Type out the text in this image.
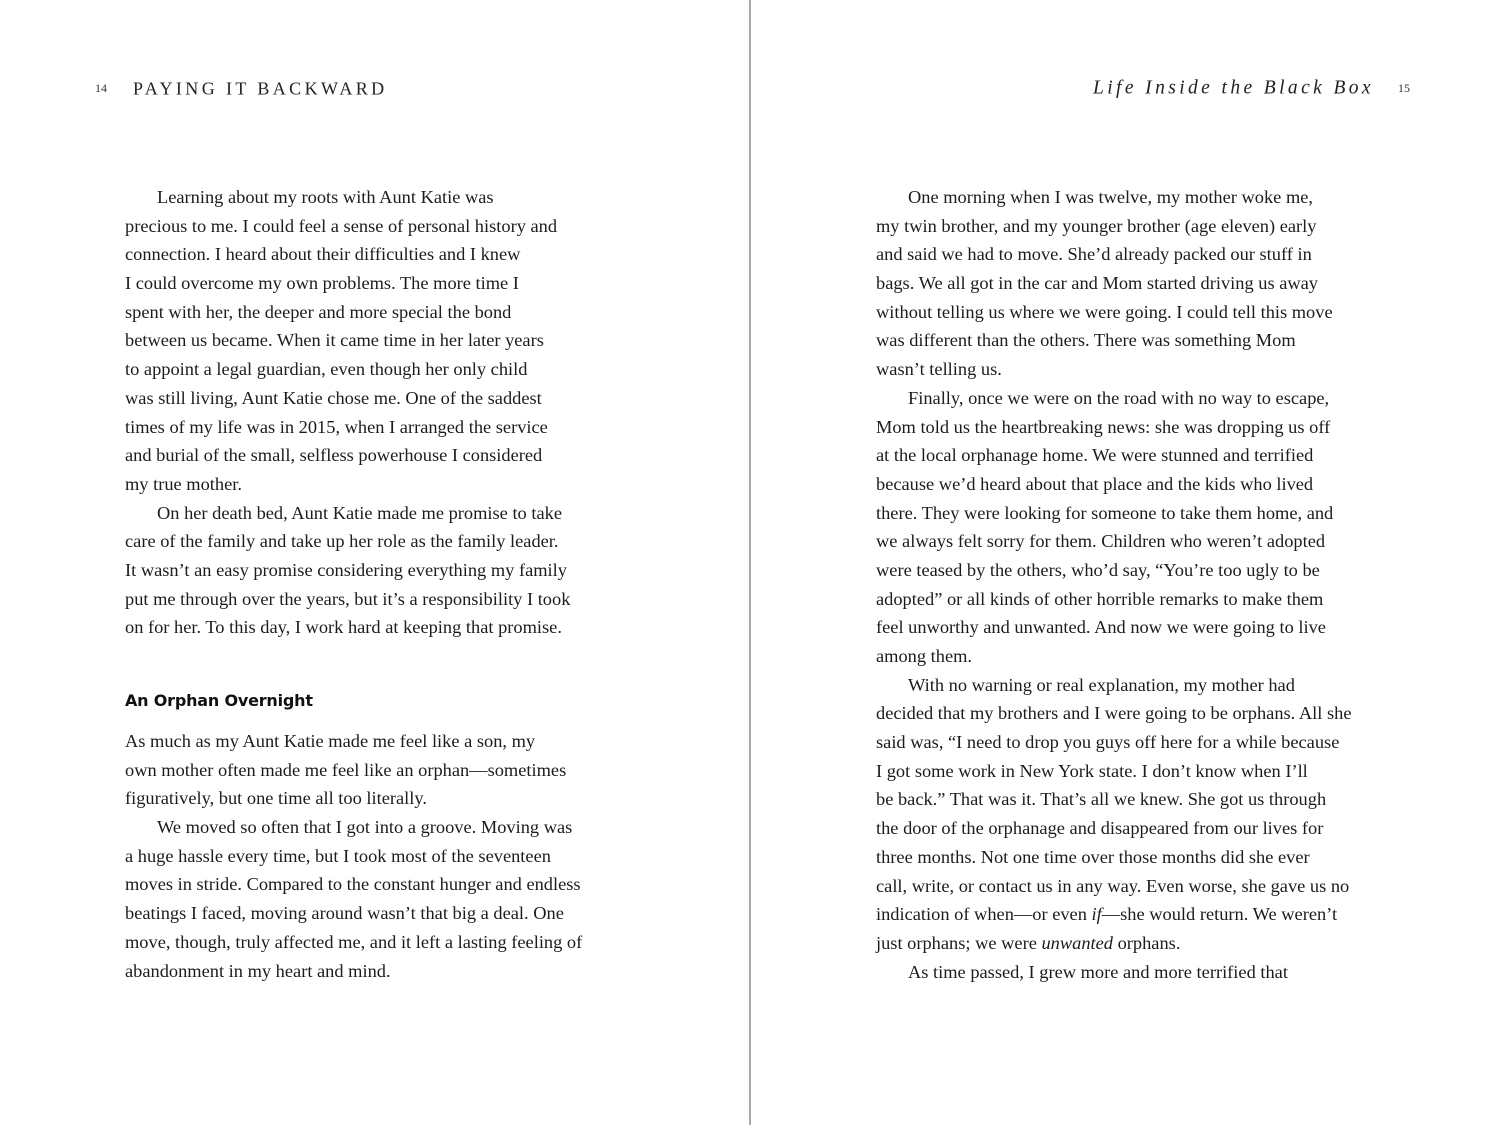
14 PAYING IT BACKWARD
Learning about my roots with Aunt Katie was
precious to me. I could feel a sense of personal history and
connection. I heard about their difficulties and I knew
I could overcome my own problems. The more time I
spent with her, the deeper and more special the bond
between us became. When it came time in her later years
to appoint a legal guardian, even though her only child
was still living, Aunt Katie chose me. One of the saddest
times of my life was in 2015, when I arranged the service
and burial of the small, selfless powerhouse I considered
my true mother.
On her death bed, Aunt Katie made me promise to take
care of the family and take up her role as the family leader.
It wasn’t an easy promise considering everything my family
put me through over the years, but it’s a responsibility I took
on for her. To this day, I work hard at keeping that promise.
An Orphan Overnight
As much as my Aunt Katie made me feel like a son, my
own mother often made me feel like an orphan—sometimes
figuratively, but one time all too literally.
We moved so often that I got into a groove. Moving was
a huge hassle every time, but I took most of the seventeen
moves in stride. Compared to the constant hunger and endless
beatings I faced, moving around wasn’t that big a deal. One
move, though, truly affected me, and it left a lasting feeling of
abandonment in my heart and mind.
Life Inside the Black Box 15
One morning when I was twelve, my mother woke me,
my twin brother, and my younger brother (age eleven) early
and said we had to move. She’d already packed our stuff in
bags. We all got in the car and Mom started driving us away
without telling us where we were going. I could tell this move
was different than the others. There was something Mom
wasn’t telling us.
Finally, once we were on the road with no way to escape,
Mom told us the heartbreaking news: she was dropping us off
at the local orphanage home. We were stunned and terrified
because we’d heard about that place and the kids who lived
there. They were looking for someone to take them home, and
we always felt sorry for them. Children who weren’t adopted
were teased by the others, who’d say, “You’re too ugly to be
adopted” or all kinds of other horrible remarks to make them
feel unworthy and unwanted. And now we were going to live
among them.
With no warning or real explanation, my mother had
decided that my brothers and I were going to be orphans. All she
said was, “I need to drop you guys off here for a while because
I got some work in New York state. I don’t know when I’ll
be back.” That was it. That’s all we knew. She got us through
the door of the orphanage and disappeared from our lives for
three months. Not one time over those months did she ever
call, write, or contact us in any way. Even worse, she gave us no
indication of when—or even if—she would return. We weren’t
just orphans; we were unwanted orphans.
As time passed, I grew more and more terrified that
